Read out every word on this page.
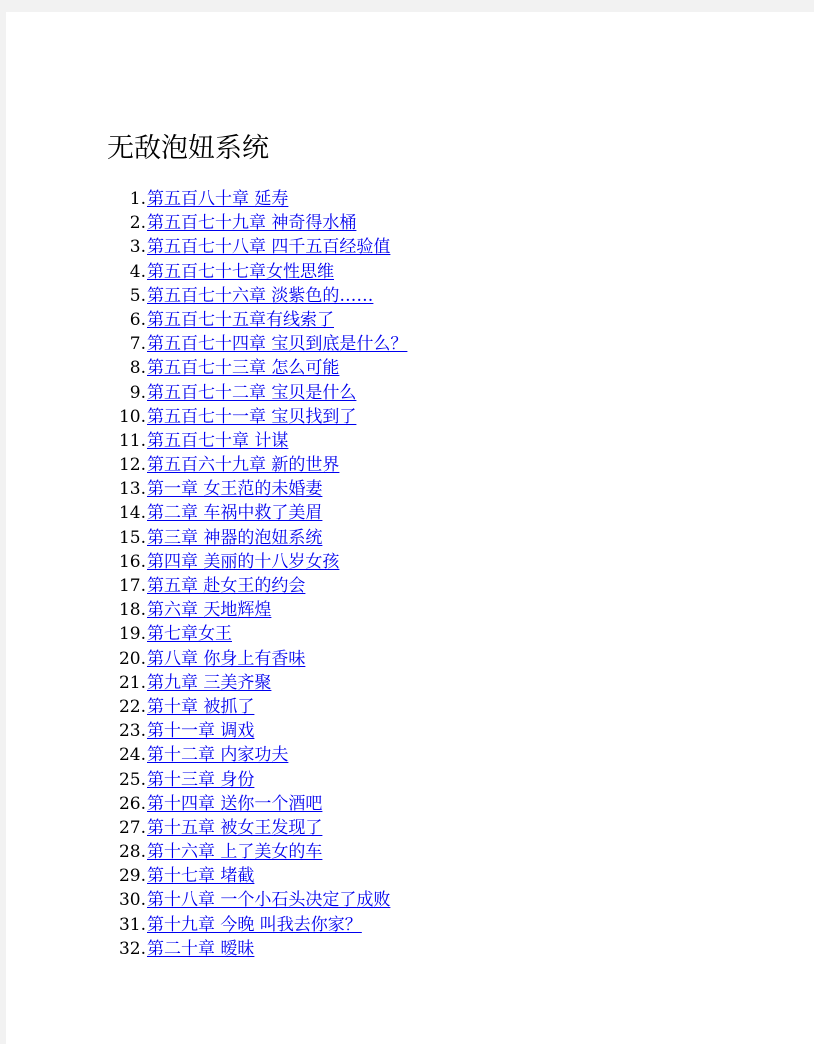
无敌泡妞系统
1. 第五百八十章 延寿
2. 第五百七十九章 神奇得水桶
3. 第五百七十八章 四千五百经验值
4. 第五百七十七章女性思维
5. 第五百七十六章 淡紫色的……
6. 第五百七十五章有线索了
7. 第五百七十四章 宝贝到底是什么？
8. 第五百七十三章 怎么可能
9. 第五百七十二章 宝贝是什么
10. 第五百七十一章 宝贝找到了
11. 第五百七十章 计谋
12. 第五百六十九章 新的世界
13. 第一章 女王范的未婚妻
14. 第二章 车祸中救了美眉
15. 第三章 神器的泡妞系统
16. 第四章 美丽的十八岁女孩
17. 第五章 赴女王的约会
18. 第六章 天地辉煌
19. 第七章女王
20. 第八章 你身上有香味
21. 第九章 三美齐聚
22. 第十章 被抓了
23. 第十一章 调戏
24. 第十二章 内家功夫
25. 第十三章 身份
26. 第十四章 送你一个酒吧
27. 第十五章 被女王发现了
28. 第十六章 上了美女的车
29. 第十七章 堵截
30. 第十八章 一个小石头决定了成败
31. 第十九章 今晚 叫我去你家？
32. 第二十章 暧昧
